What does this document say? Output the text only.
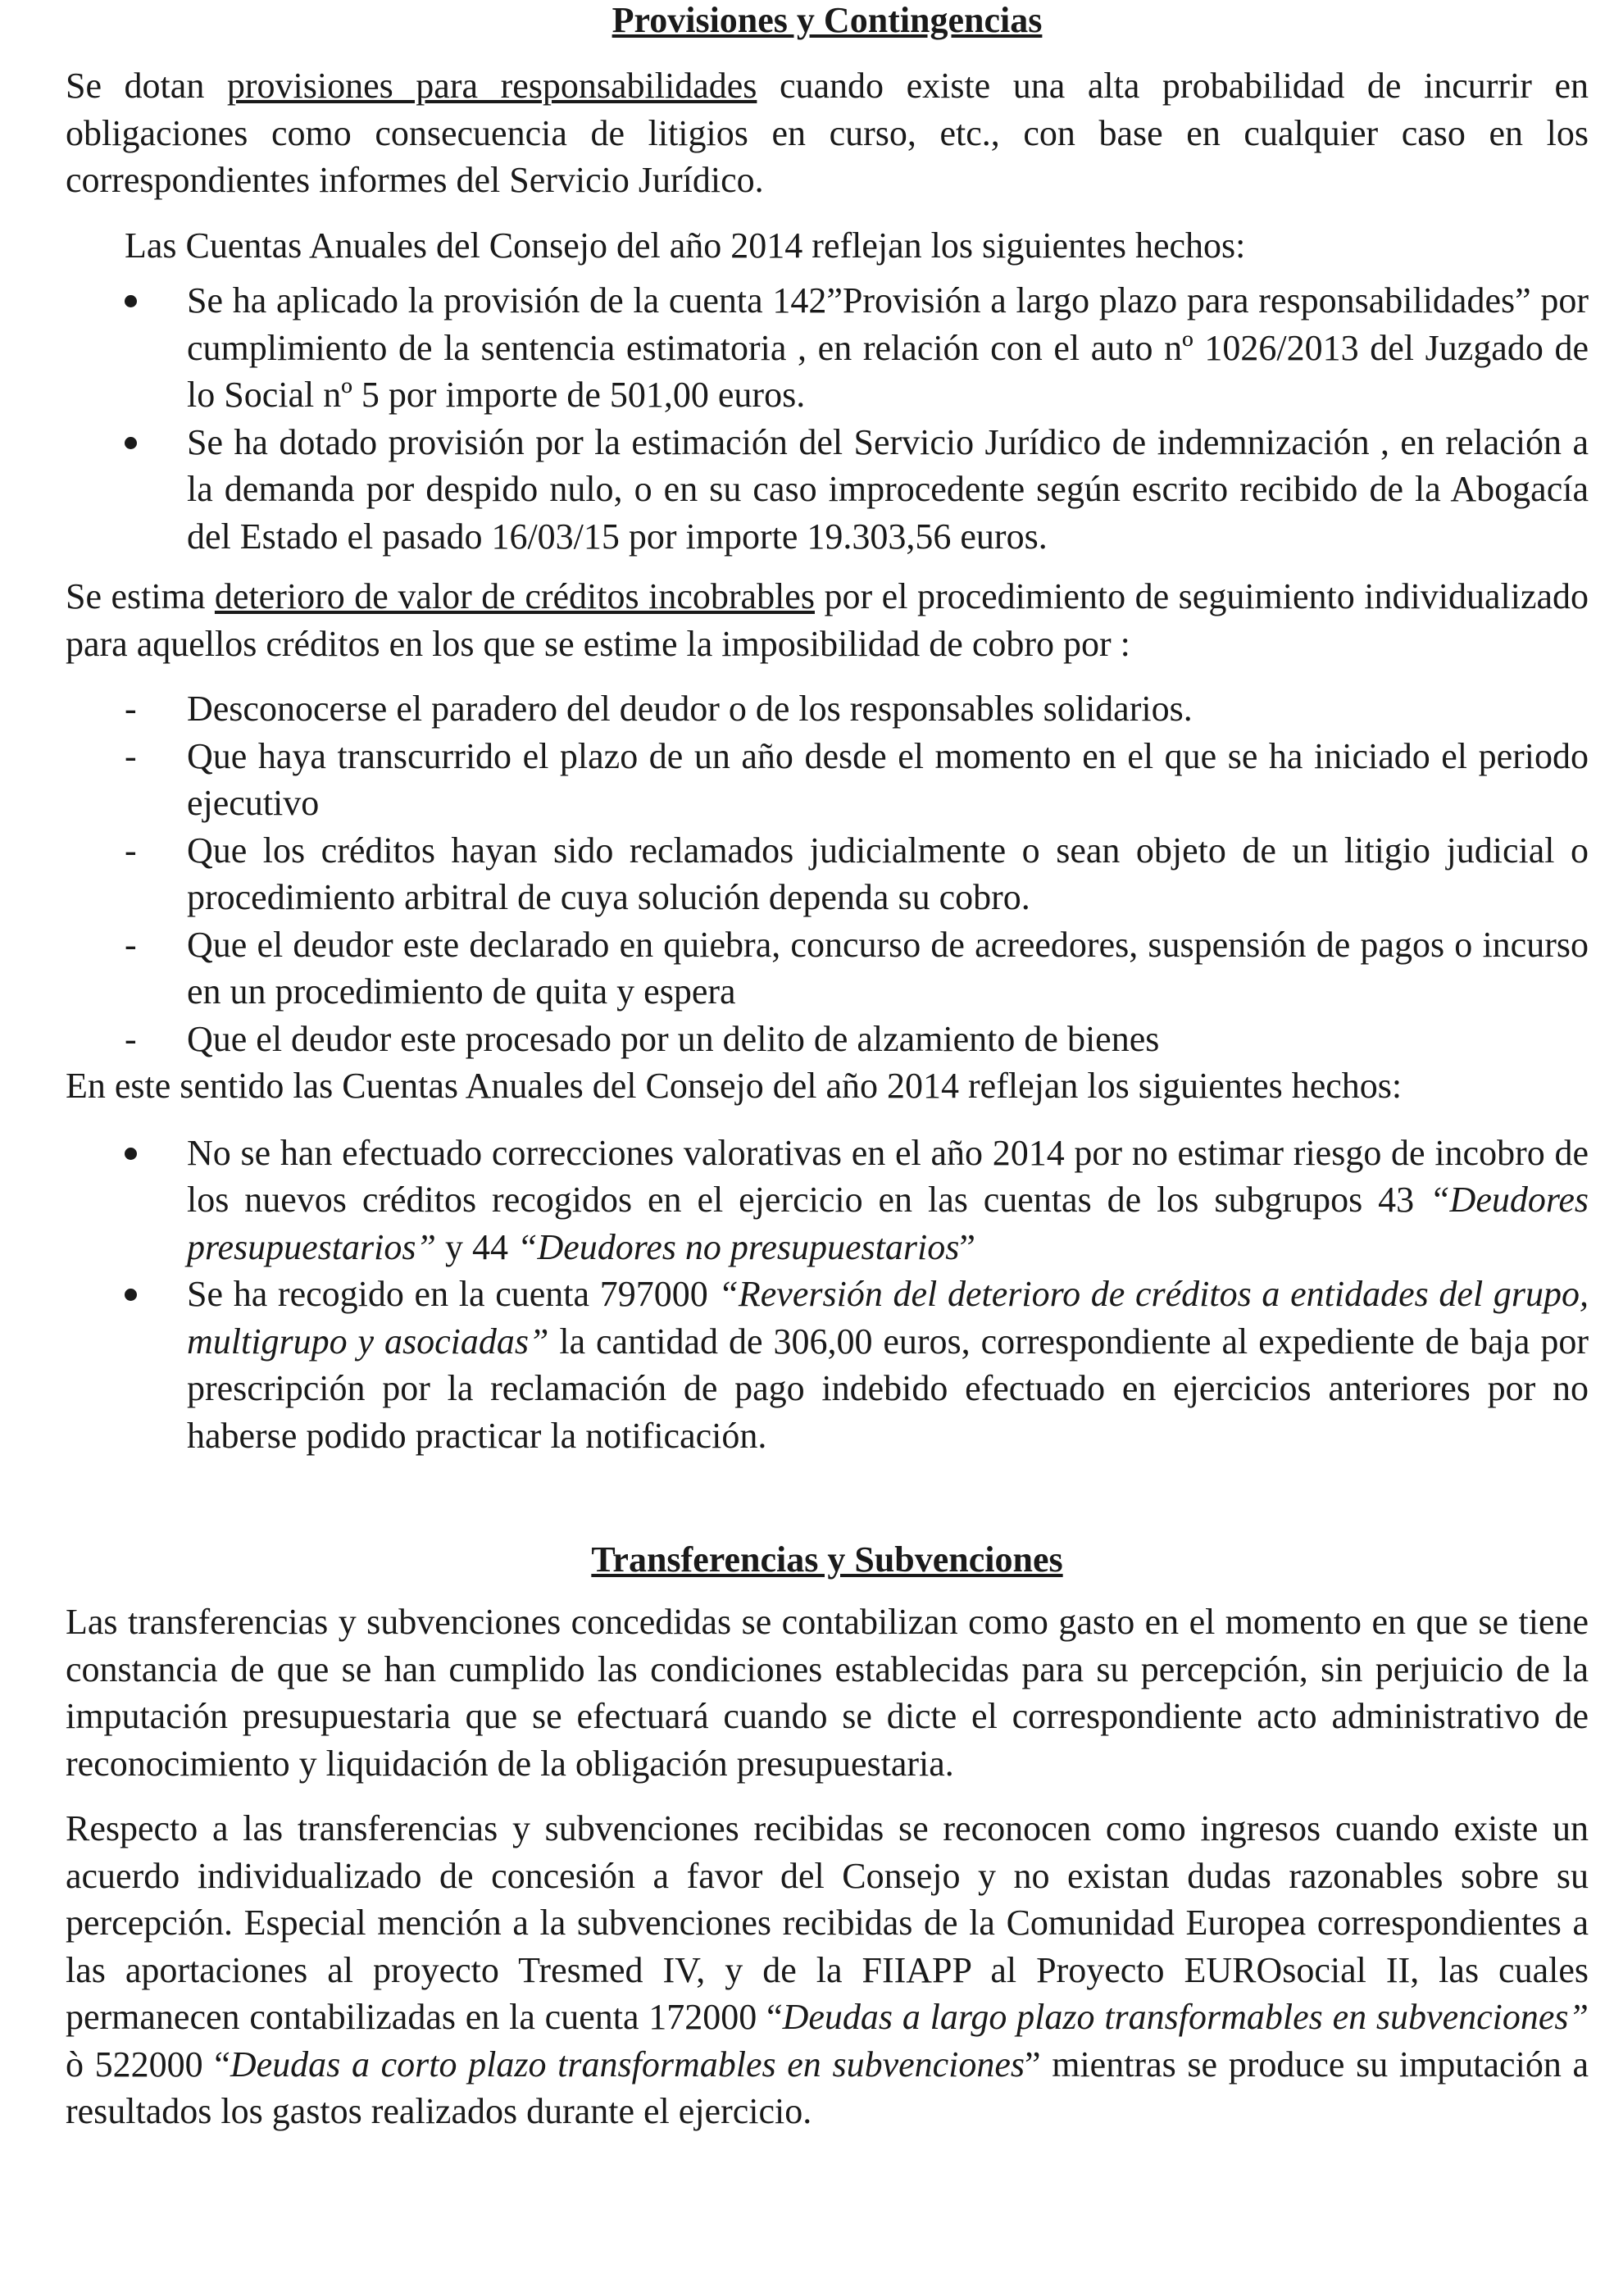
Provisiones y Contingencias

Se dotan provisiones para responsabilidades cuando existe una alta probabilidad de incurrir en obligaciones como consecuencia de litigios en curso, etc., con base en cualquier caso en los correspondientes informes del Servicio Jurídico.

Las Cuentas Anuales del Consejo del año 2014 reflejan los siguientes hechos:

Se ha aplicado la provisión de la cuenta 142”Provisión a largo plazo para responsabilidades” por cumplimiento de la sentencia estimatoria , en relación con el auto nº 1026/2013 del Juzgado de lo Social nº 5 por importe de 501,00 euros.
Se ha dotado provisión por la estimación del Servicio Jurídico de indemnización , en relación a la demanda por despido nulo, o en su caso improcedente según escrito recibido de la Abogacía del Estado el pasado 16/03/15 por importe 19.303,56 euros.

Se estima deterioro de valor de créditos incobrables por el procedimiento de seguimiento individualizado para aquellos créditos en los que se estime la imposibilidad de cobro por :

- Desconocerse el paradero del deudor o de los responsables solidarios.
- Que haya transcurrido el plazo de un año desde el momento en el que se ha iniciado el periodo ejecutivo
- Que los créditos hayan sido reclamados judicialmente o sean objeto de un litigio judicial o procedimiento arbitral de cuya solución dependa su cobro.
- Que el deudor este declarado en quiebra, concurso de acreedores, suspensión de pagos o incurso en un procedimiento de quita y espera
- Que el deudor este procesado por un delito de alzamiento de bienes

En este sentido las Cuentas Anuales del Consejo del año 2014 reflejan los siguientes hechos:

No se han efectuado correcciones valorativas en el año 2014 por no estimar riesgo de incobro de los nuevos créditos recogidos en el ejercicio en las cuentas de los subgrupos 43 “Deudores presupuestarios” y 44 “Deudores no presupuestarios”
Se ha recogido en la cuenta 797000 “Reversión del deterioro de créditos a entidades del grupo, multigrupo y asociadas” la cantidad de 306,00 euros, correspondiente al expediente de baja por prescripción por la reclamación de pago indebido efectuado en ejercicios anteriores por no haberse podido practicar la notificación.
Transferencias y Subvenciones

Las transferencias y subvenciones concedidas se contabilizan como gasto en el momento en que se tiene constancia de que se han cumplido las condiciones establecidas para su percepción, sin perjuicio de la imputación presupuestaria que se efectuará cuando se dicte el correspondiente acto administrativo de reconocimiento y liquidación de la obligación presupuestaria.

Respecto a las transferencias y subvenciones recibidas se reconocen como ingresos cuando existe un acuerdo individualizado de concesión a favor del Consejo y no existan dudas razonables sobre su percepción. Especial mención a la subvenciones recibidas de la Comunidad Europea correspondientes a las aportaciones al proyecto Tresmed IV, y de la FIIAPP al Proyecto EUROsocial II, las cuales permanecen contabilizadas en la cuenta 172000 “Deudas a largo plazo transformables en subvenciones” ò 522000 “Deudas a corto plazo transformables en subvenciones” mientras se produce su imputación a resultados los gastos realizados durante el ejercicio.
